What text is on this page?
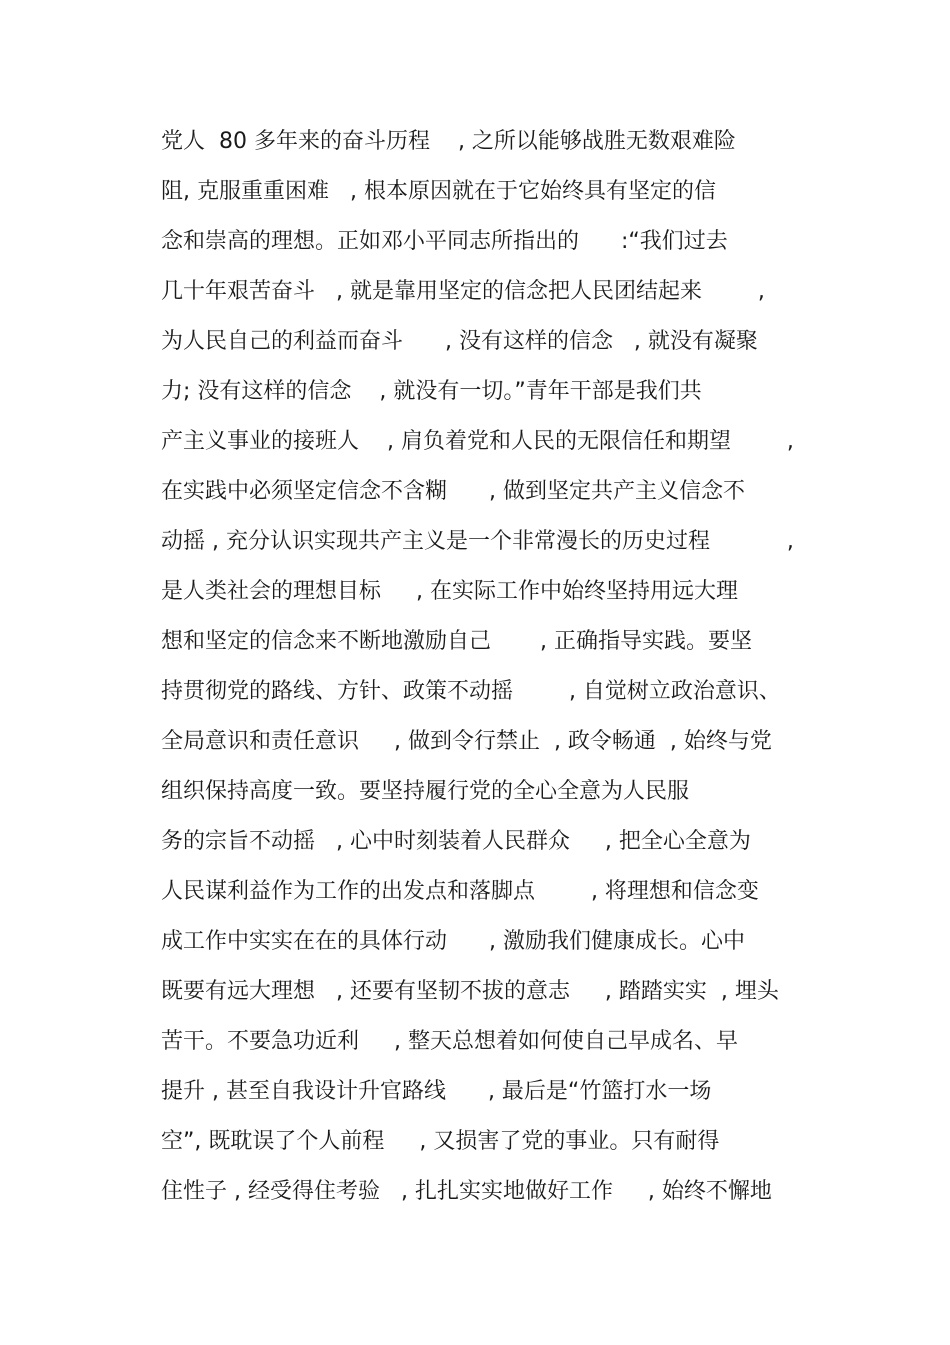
党人  80 多年来的奋斗历程    , 之所以能够战胜无数艰难险

阻, 克服重重困难   , 根本原因就在于它始终具有坚定的信

念和崇高的理想。正如邓小平同志所指出的      :“我们过去

几十年艰苦奋斗   , 就是靠用坚定的信念把人民团结起来        ,

为人民自己的利益而奋斗      , 没有这样的信念   , 就没有凝聚

力; 没有这样的信念    , 就没有一切。”青年干部是我们共

产主义事业的接班人    , 肩负着党和人民的无限信任和期望        ,

在实践中必须坚定信念不含糊      , 做到坚定共产主义信念不

动摇 , 充分认识实现共产主义是一个非常漫长的历史过程           ,

是人类社会的理想目标     , 在实际工作中始终坚持用远大理

想和坚定的信念来不断地激励自己       , 正确指导实践。要坚

持贯彻党的路线、方针、政策不动摇        , 自觉树立政治意识、

全局意识和责任意识     , 做到令行禁止  , 政令畅通  , 始终与党

组织保持高度一致。要坚持履行党的全心全意为人民服

务的宗旨不动摇   , 心中时刻装着人民群众     , 把全心全意为

人民谋利益作为工作的出发点和落脚点        , 将理想和信念变

成工作中实实在在的具体行动      , 激励我们健康成长。心中

既要有远大理想   , 还要有坚韧不拔的意志     , 踏踏实实  , 埋头

苦干。不要急功近利     , 整天总想着如何使自己早成名、早

提升 , 甚至自我设计升官路线      , 最后是“竹篮打水一场

空”, 既耽误了个人前程     , 又损害了党的事业。只有耐得

住性子 , 经受得住考验   , 扎扎实实地做好工作     , 始终不懈地
